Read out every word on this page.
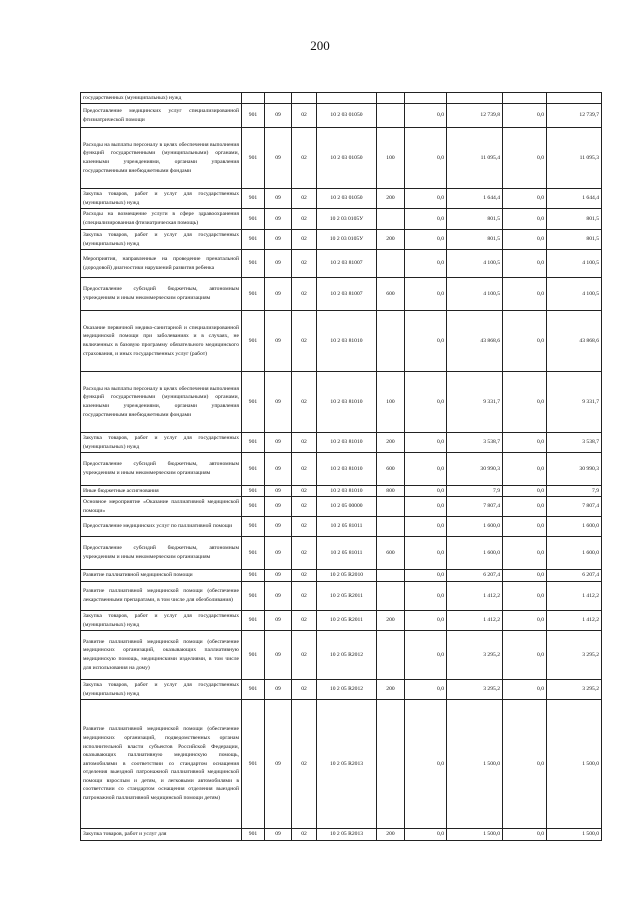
200
государственных (муниципальных) нужд									
Предоставление медицинских услуг специализированной фтизиатрической помощи	901	09	02	10 2 03 01050		0,0	12 739,8	0,0	12 739,7
Расходы на выплаты персоналу в целях обеспечения выполнения функций государственными (муниципальными) органами, казенными учреждениями, органами управления государственными внебюджетными фондами	901	09	02	10 2 03 01050	100	0,0	11 095,4	0,0	11 095,3
Закупка товаров, работ и услуг для государственных (муниципальных) нужд	901	09	02	10 2 03 01050	200	0,0	1 644,4	0,0	1 644,4
Расходы на возмещение услуги в сфере здравоохранения (специализированная фтизиатрическая помощь)	901	09	02	10 2 03 0105У		0,0	801,5	0,0	801,5
Закупка товаров, работ и услуг для государственных (муниципальных) нужд	901	09	02	10 2 03 0105У	200	0,0	801,5	0,0	801,5
Мероприятия, направленные на проведение пренатальной (дородовой) диагностики нарушений развития ребенка	901	09	02	10 2 03 81007		0,0	4 100,5	0,0	4 100,5
Предоставление субсидий бюджетным, автономным учреждениям и иным некоммерческим организациям	901	09	02	10 2 03 81007	600	0,0	4 100,5	0,0	4 100,5
Оказание первичной медико-санитарной и специализированной медицинской помощи при заболеваниях и в случаях, не включенных в базовую программу обязательного медицинского страхования, и иных государственных услуг (работ)	901	09	02	10 2 03 81010		0,0	43 868,6	0,0	43 868,6
Расходы на выплаты персоналу в целях обеспечения выполнения функций государственными (муниципальными) органами, казенными учреждениями, органами управления государственными внебюджетными фондами	901	09	02	10 2 03 81010	100	0,0	9 331,7	0,0	9 331,7
Закупка товаров, работ и услуг для государственных (муниципальных) нужд	901	09	02	10 2 03 81010	200	0,0	3 538,7	0,0	3 538,7
Предоставление субсидий бюджетным, автономным учреждениям и иным некоммерческим организациям	901	09	02	10 2 03 81010	600	0,0	30 990,3	0,0	30 990,3
Иные бюджетные ассигнования	901	09	02	10 2 03 81010	800	0,0	7,9	0,0	7,9
Основное мероприятие «Оказание паллиативной медицинской помощи»	901	09	02	10 2 05 00000		0,0	7 807,4	0,0	7 807,4
Предоставление медицинских услуг по паллиативной помощи	901	09	02	10 2 05 81011		0,0	1 600,0	0,0	1 600,0
Предоставление субсидий бюджетным, автономным учреждениям и иным некоммерческим организациям	901	09	02	10 2 05 81011	600	0,0	1 600,0	0,0	1 600,0
Развитие паллиативной медицинской помощи	901	09	02	10 2 05 R2010		0,0	6 207,4	0,0	6 207,4
Развитие паллиативной медицинской помощи (обеспечение лекарственными препаратами, в том числе для обезболивания)	901	09	02	10 2 05 R2011		0,0	1 412,2	0,0	1 412,2
Закупка товаров, работ и услуг для государственных (муниципальных) нужд	901	09	02	10 2 05 R2011	200	0,0	1 412,2	0,0	1 412,2
Развитие паллиативной медицинской помощи (обеспечение медицинских организаций, оказывающих паллиативную медицинскую помощь, медицинскими изделиями, в том числе для использования на дому)	901	09	02	10 2 05 R2012		0,0	3 295,2	0,0	3 295,2
Закупка товаров, работ и услуг для государственных (муниципальных) нужд	901	09	02	10 2 05 R2012	200	0,0	3 295,2	0,0	3 295,2
Развитие паллиативной медицинской помощи (обеспечение медицинских организаций, подведомственных органам исполнительной власти субъектов Российской Федерации, оказывающих паллиативную медицинскую помощь, автомобилями в соответствии со стандартом оснащения отделения выездной патронажной паллиативной медицинской помощи взрослым и детям, и легковыми автомобилями в соответствии со стандартом оснащения отделения выездной патронажной паллиативной медицинской помощи детям)	901	09	02	10 2 05 R2013		0,0	1 500,0	0,0	1 500,0
Закупка товаров, работ и услуг для	901	09	02	10 2 05 R2013	200	0,0	1 500,0	0,0	1 500,0
